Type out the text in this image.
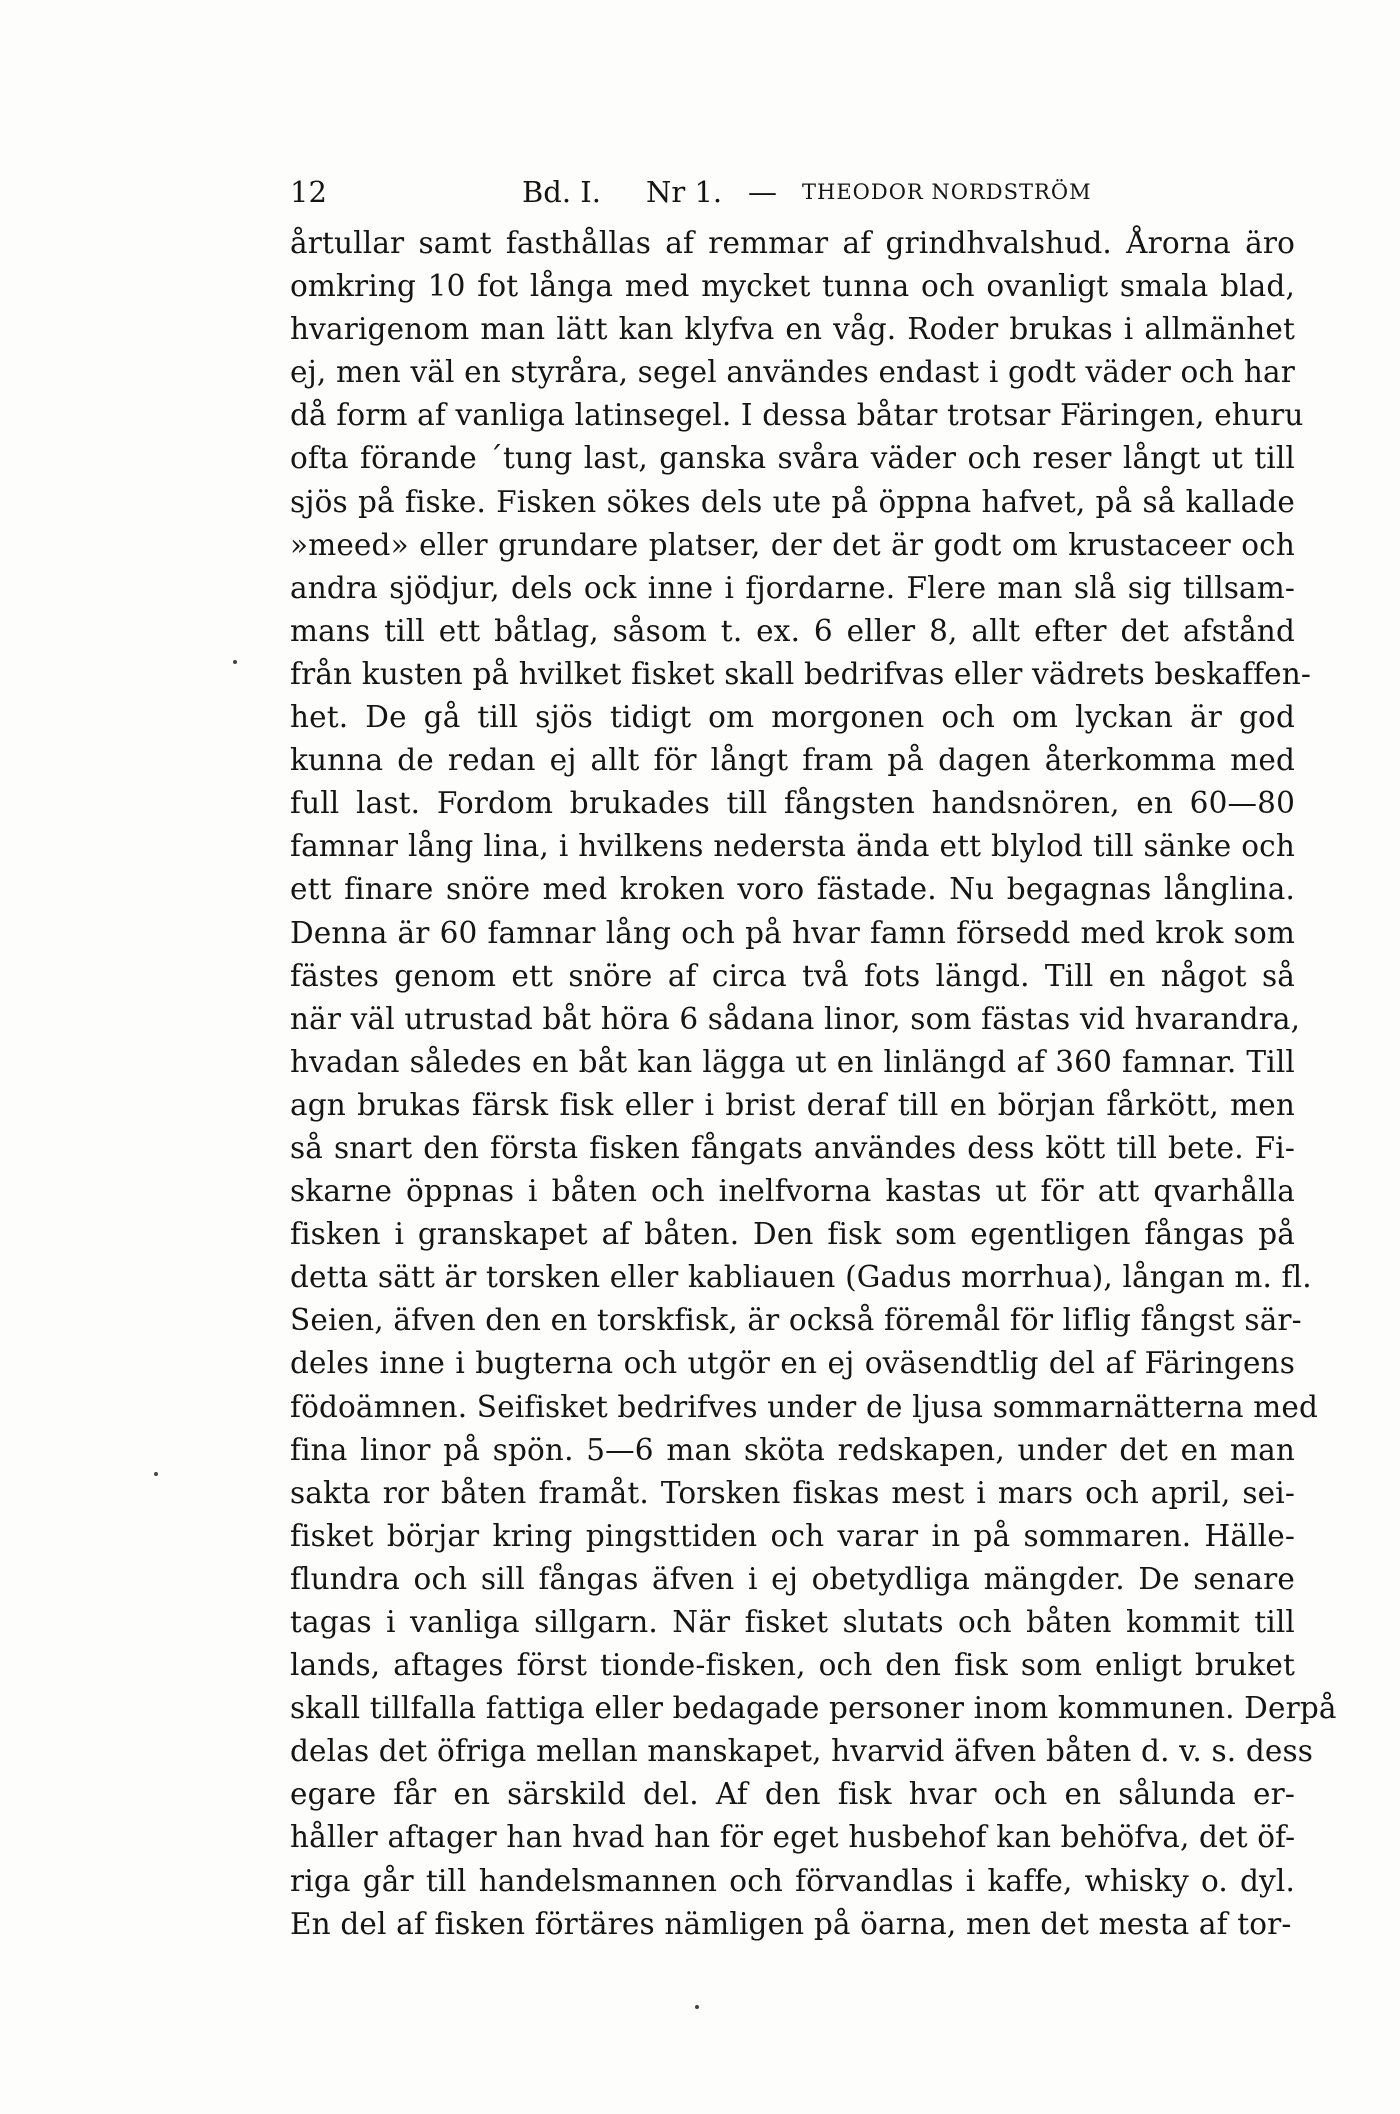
12	Bd. I. Nr 1. — THEODOR NORDSTRÖM
årtullar samt fasthållas af remmar af grindhvalshud. Årorna äro
omkring 10 fot långa med mycket tunna och ovanligt smala blad,
hvarigenom man lätt kan klyfva en våg. Roder brukas i allmänhet
ej, men väl en styråra, segel användes endast i godt väder och har
då form af vanliga latinsegel. I dessa båtar trotsar Färingen, ehuru
ofta förande ´tung last, ganska svåra väder och reser långt ut till
sjös på fiske. Fisken sökes dels ute på öppna hafvet, på så kallade
»meed» eller grundare platser, der det är godt om krustaceer och
andra sjödjur, dels ock inne i fjordarne. Flere man slå sig tillsam-
mans till ett båtlag, såsom t. ex. 6 eller 8, allt efter det afstånd
från kusten på hvilket fisket skall bedrifvas eller vädrets beskaffen-
het. De gå till sjös tidigt om morgonen och om lyckan är god
kunna de redan ej allt för långt fram på dagen återkomma med
full last. Fordom brukades till fångsten handsnören, en 60—80
famnar lång lina, i hvilkens nedersta ända ett blylod till sänke och
ett finare snöre med kroken voro fästade. Nu begagnas långlina.
Denna är 60 famnar lång och på hvar famn försedd med krok som
fästes genom ett snöre af circa två fots längd. Till en något så
när väl utrustad båt höra 6 sådana linor, som fästas vid hvarandra,
hvadan således en båt kan lägga ut en linlängd af 360 famnar. Till
agn brukas färsk fisk eller i brist deraf till en början fårkött, men
så snart den första fisken fångats användes dess kött till bete. Fi-
skarne öppnas i båten och inelfvorna kastas ut för att qvarhålla
fisken i granskapet af båten. Den fisk som egentligen fångas på
detta sätt är torsken eller kabliauen (Gadus morrhua), långan m. fl.
Seien, äfven den en torskfisk, är också föremål för liflig fångst sär-
deles inne i bugterna och utgör en ej oväsendtlig del af Färingens
födoämnen. Seifisket bedrifves under de ljusa sommarnätterna med
fina linor på spön. 5—6 man sköta redskapen, under det en man
sakta ror båten framåt. Torsken fiskas mest i mars och april, sei-
fisket börjar kring pingsttiden och varar in på sommaren. Hälle-
flundra och sill fångas äfven i ej obetydliga mängder. De senare
tagas i vanliga sillgarn. När fisket slutats och båten kommit till
lands, aftages först tionde-fisken, och den fisk som enligt bruket
skall tillfalla fattiga eller bedagade personer inom kommunen. Derpå
delas det öfriga mellan manskapet, hvarvid äfven båten d. v. s. dess
egare får en särskild del. Af den fisk hvar och en sålunda er-
håller aftager han hvad han för eget husbehof kan behöfva, det öf-
riga går till handelsmannen och förvandlas i kaffe, whisky o. dyl.
En del af fisken förtäres nämligen på öarna, men det mesta af tor-
